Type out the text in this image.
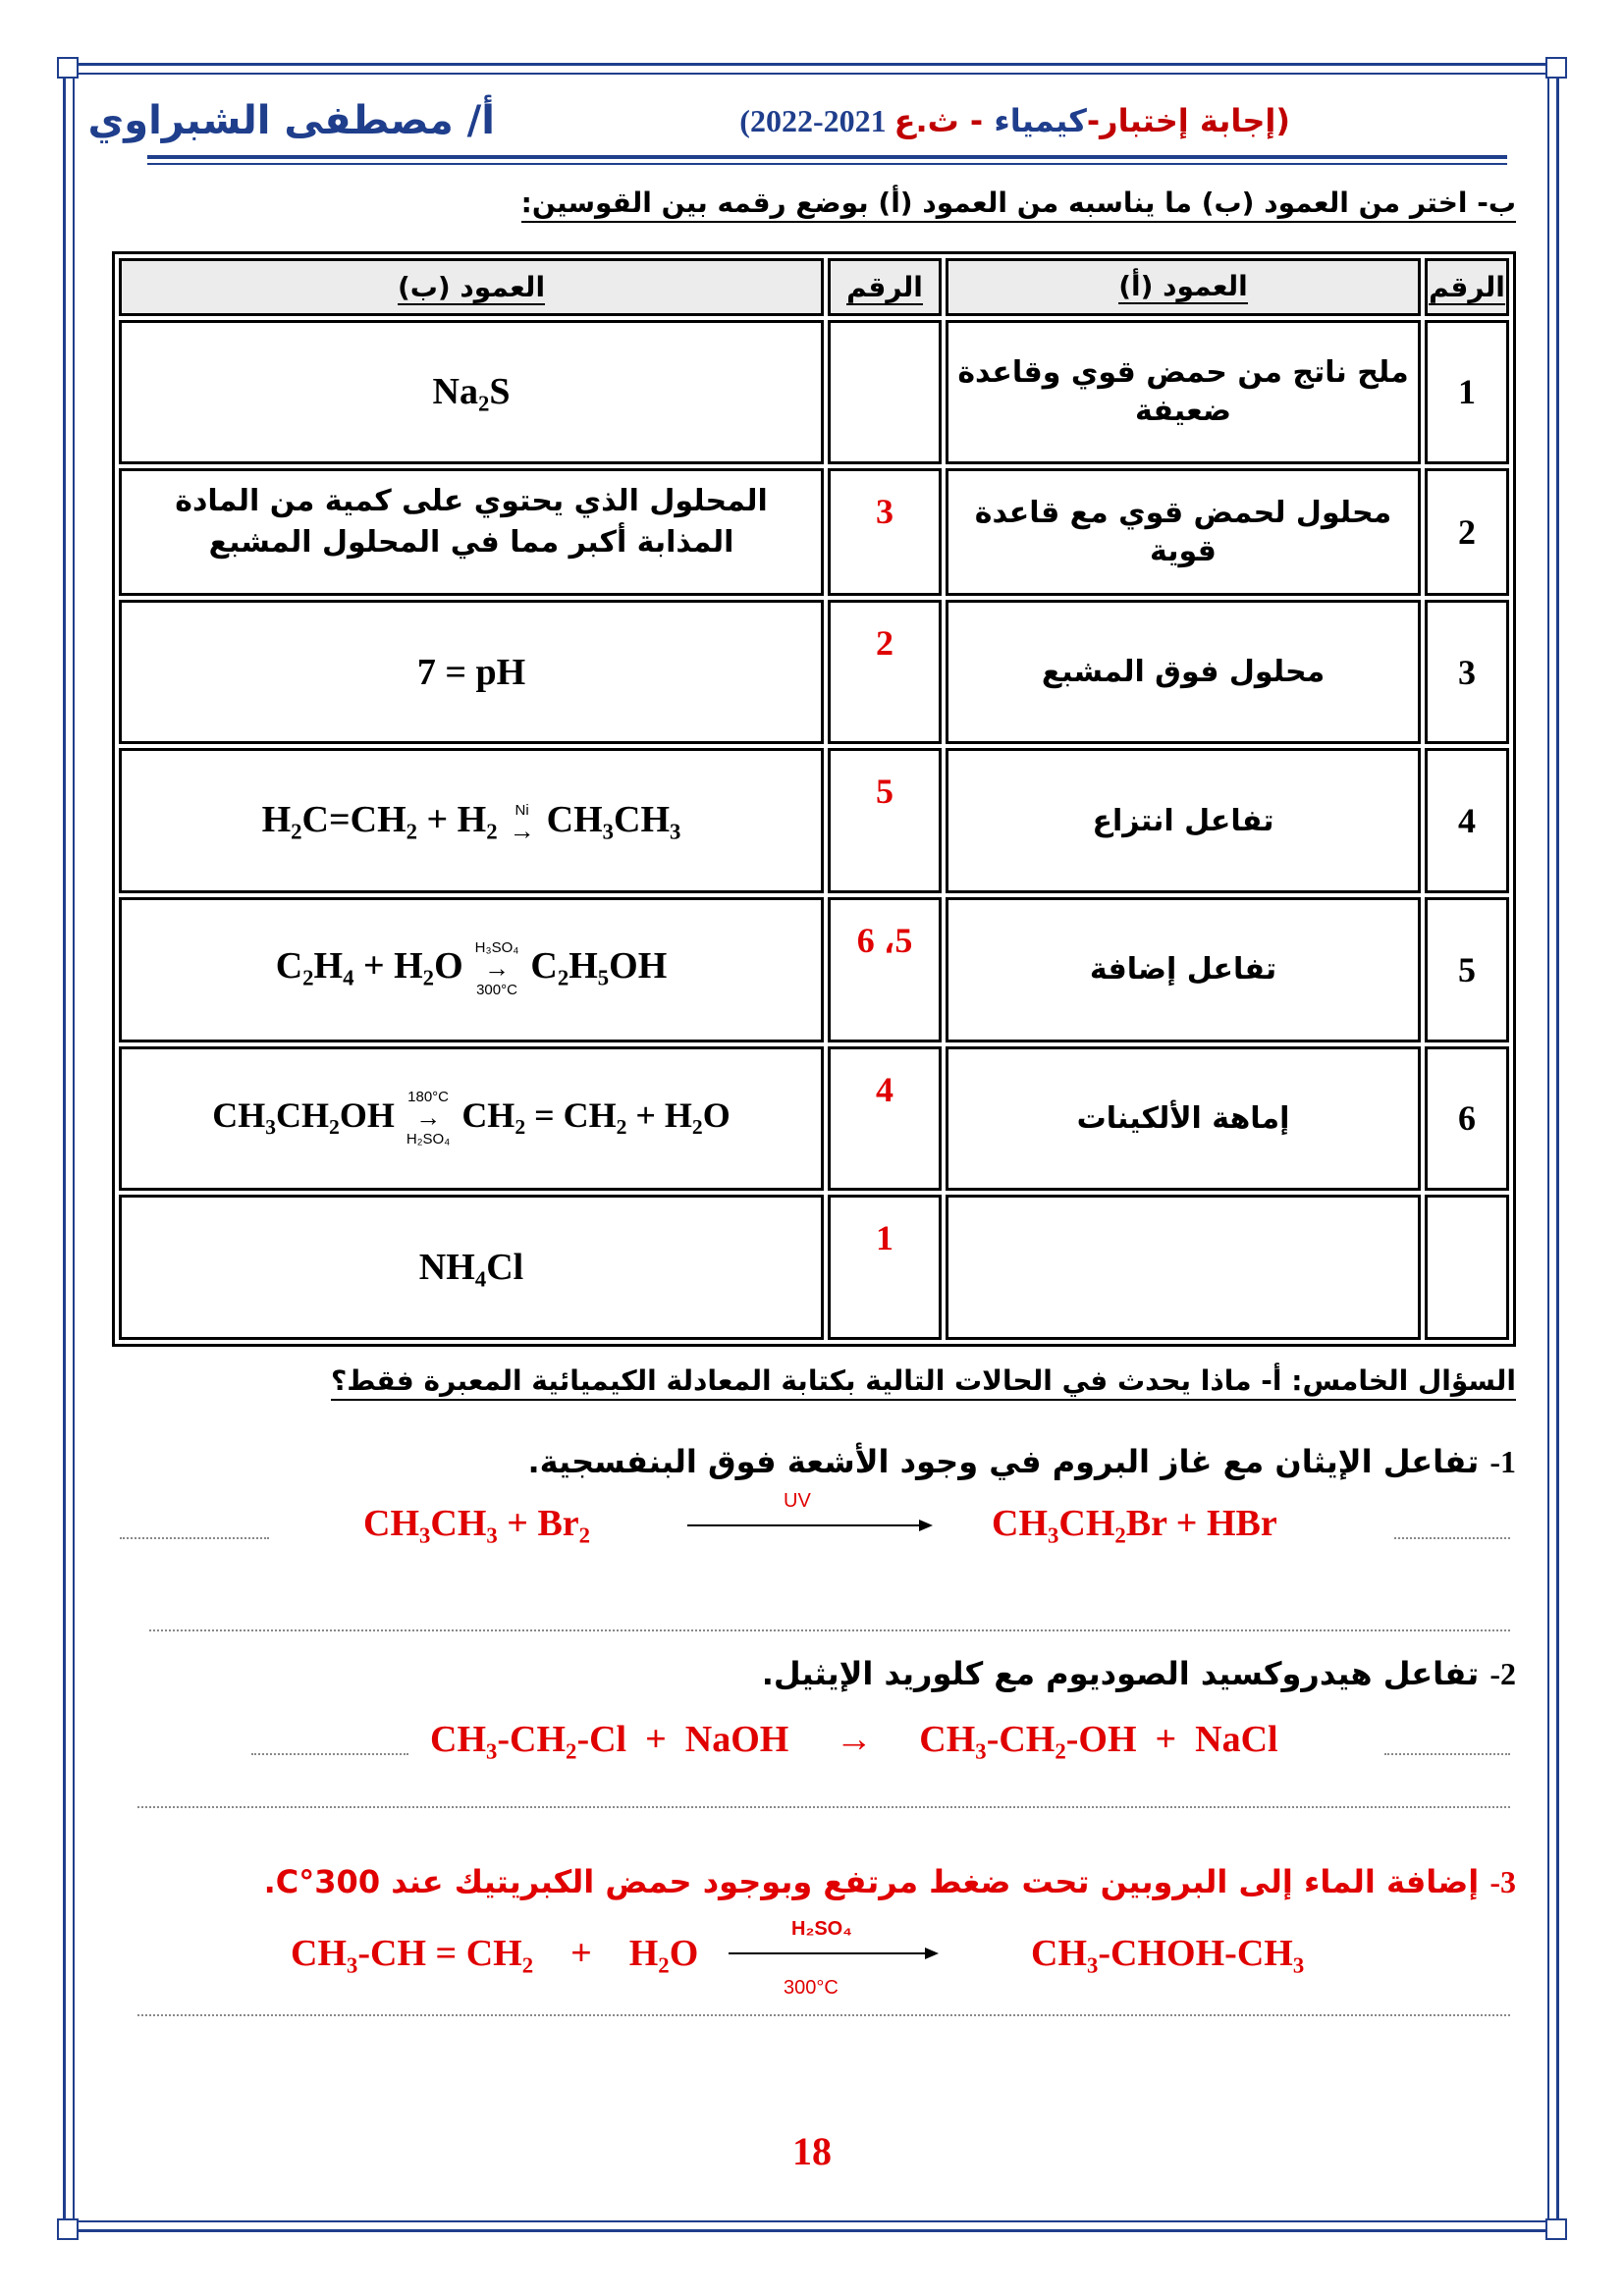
أ/ مصطفى الشبراوي	(إجابة إختبار-كيمياء - ث.ع 2021-2022)
ب- اختر من العمود (ب) ما يناسبه من العمود (أ) بوضع رقمه بين القوسين:
الرقم	العمود (أ)	الرقم	العمود (ب)
1	ملح ناتج من حمض قوي وقاعدة ضعيفة		Na₂S
2	محلول لحمض قوي مع قاعدة قوية	3	المحلول الذي يحتوي على كمية من المادة المذابة أكبر مما في المحلول المشبع
3	محلول فوق المشبع	2	7 = pH
4	تفاعل انتزاع	5	H₂C=CH₂ + H₂ Ni
→ CH₃CH₃
5	تفاعل إضافة	5، 6	C₂H₄ + H₂O H₃SO₄
→
300°CC₂H₅OH
6	إماهة الألكينات	4	CH₃CH₂OH 180°C
→
H₂SO₄CH₂ = CH₂ + H₂O
		1	NH₄Cl
السؤال الخامس: أ- ماذا يحدث في الحالات التالية بكتابة المعادلة الكيميائية المعبرة فقط؟
1- تفاعل الإيثان مع غاز البروم في وجود الأشعة فوق البنفسجية.
CH₃CH₃ + Br₂
UV
CH₃CH₂Br + HBr
2- تفاعل هيدروكسيد الصوديوم مع كلوريد الإيثيل.
CH₃-CH₂-Cl  +  NaOH     →     CH₃-CH₂-OH  +  NaCl
3- إضافة الماء إلى البروبين تحت ضغط مرتفع وبوجود حمض الكبريتيك عند 300°C.
CH₃-CH = CH₂    +    H₂O
H₂SO₄
300°C
CH₃-CHOH-CH₃
18
